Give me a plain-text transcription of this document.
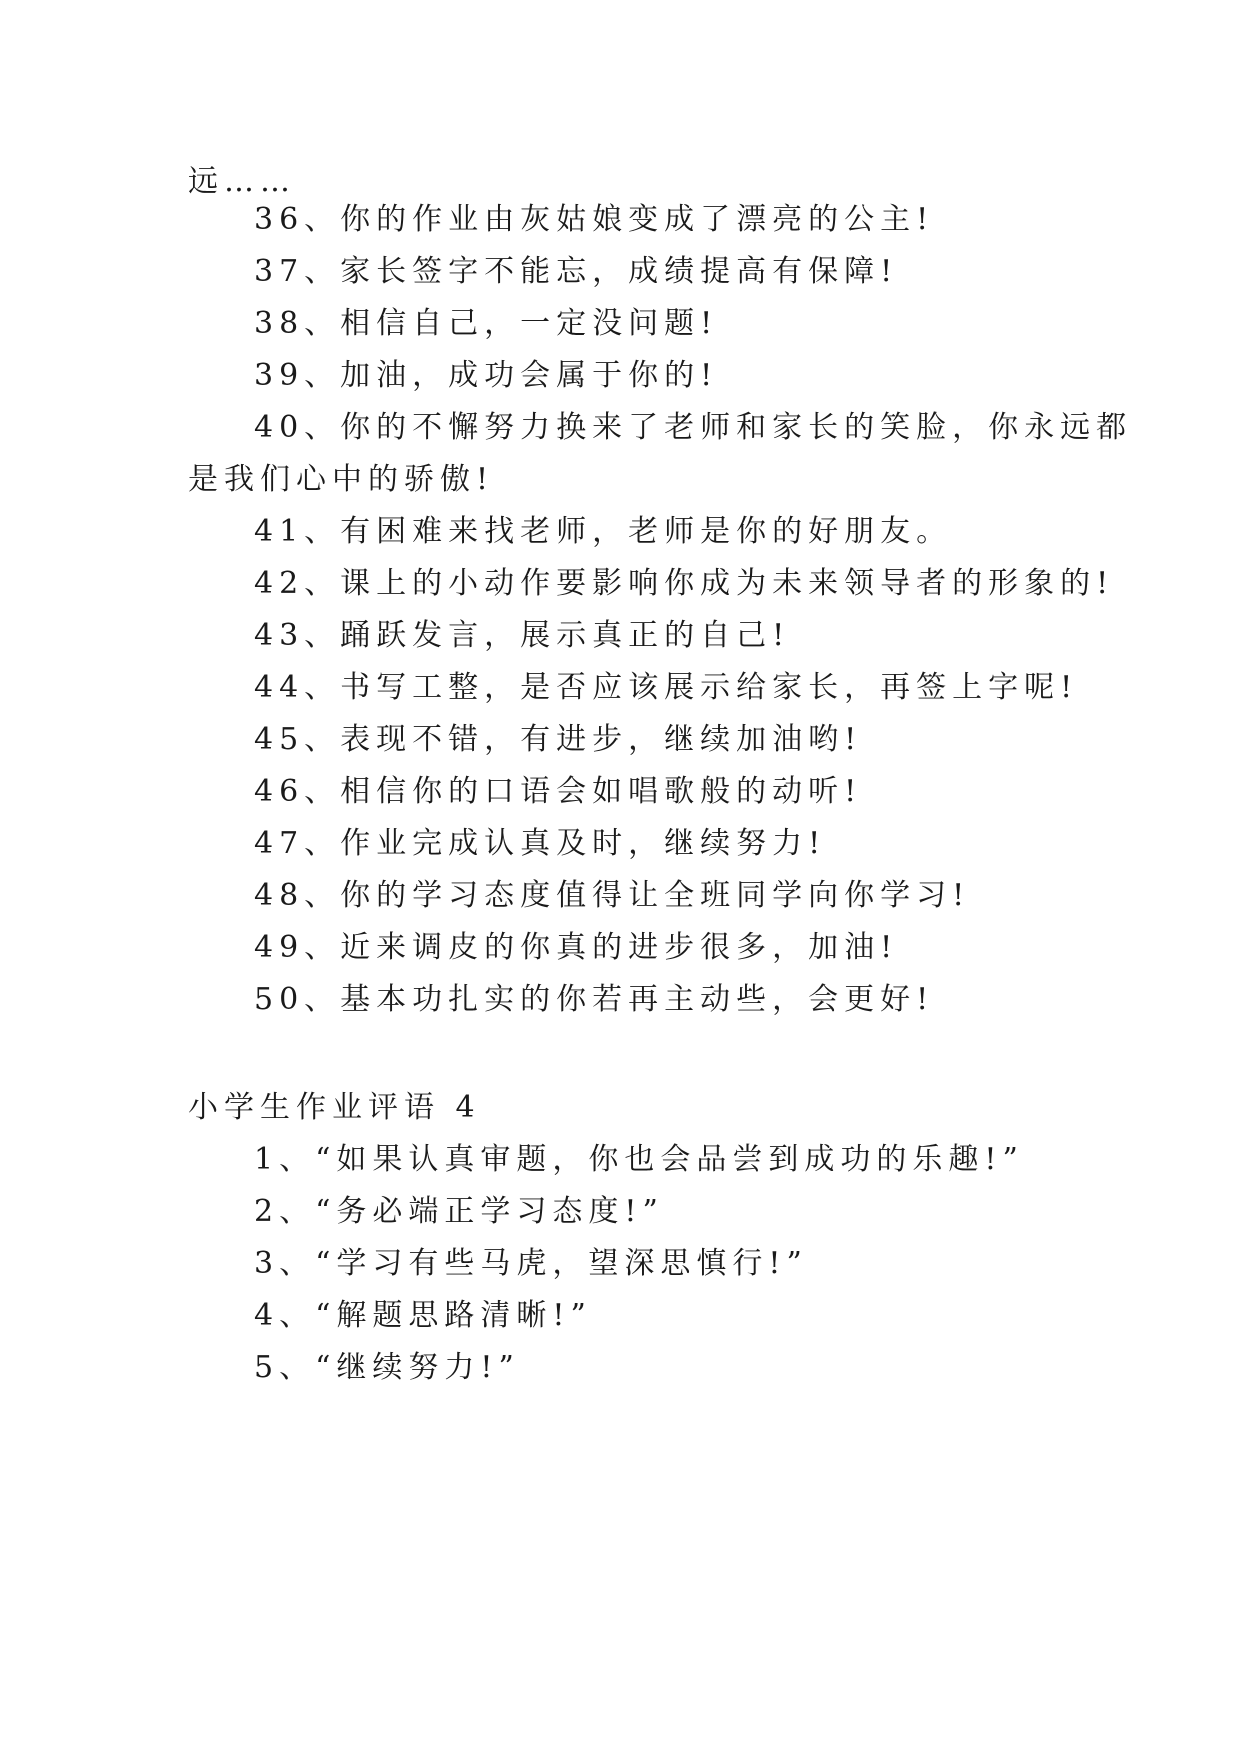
远……
36、你的作业由灰姑娘变成了漂亮的公主!
37、家长签字不能忘，成绩提高有保障!
38、相信自己，一定没问题!
39、加油，成功会属于你的!
40、你的不懈努力换来了老师和家长的笑脸，你永远都
是我们心中的骄傲!
41、有困难来找老师，老师是你的好朋友。
42、课上的小动作要影响你成为未来领导者的形象的!
43、踊跃发言，展示真正的自己!
44、书写工整，是否应该展示给家长，再签上字呢!
45、表现不错，有进步，继续加油哟!
46、相信你的口语会如唱歌般的动听!
47、作业完成认真及时，继续努力!
48、你的学习态度值得让全班同学向你学习!
49、近来调皮的你真的进步很多，加油!
50、基本功扎实的你若再主动些，会更好!
小学生作业评语 4
1、“如果认真审题，你也会品尝到成功的乐趣!”
2、“务必端正学习态度!”
3、“学习有些马虎，望深思慎行!”
4、“解题思路清晰!”
5、“继续努力!”
